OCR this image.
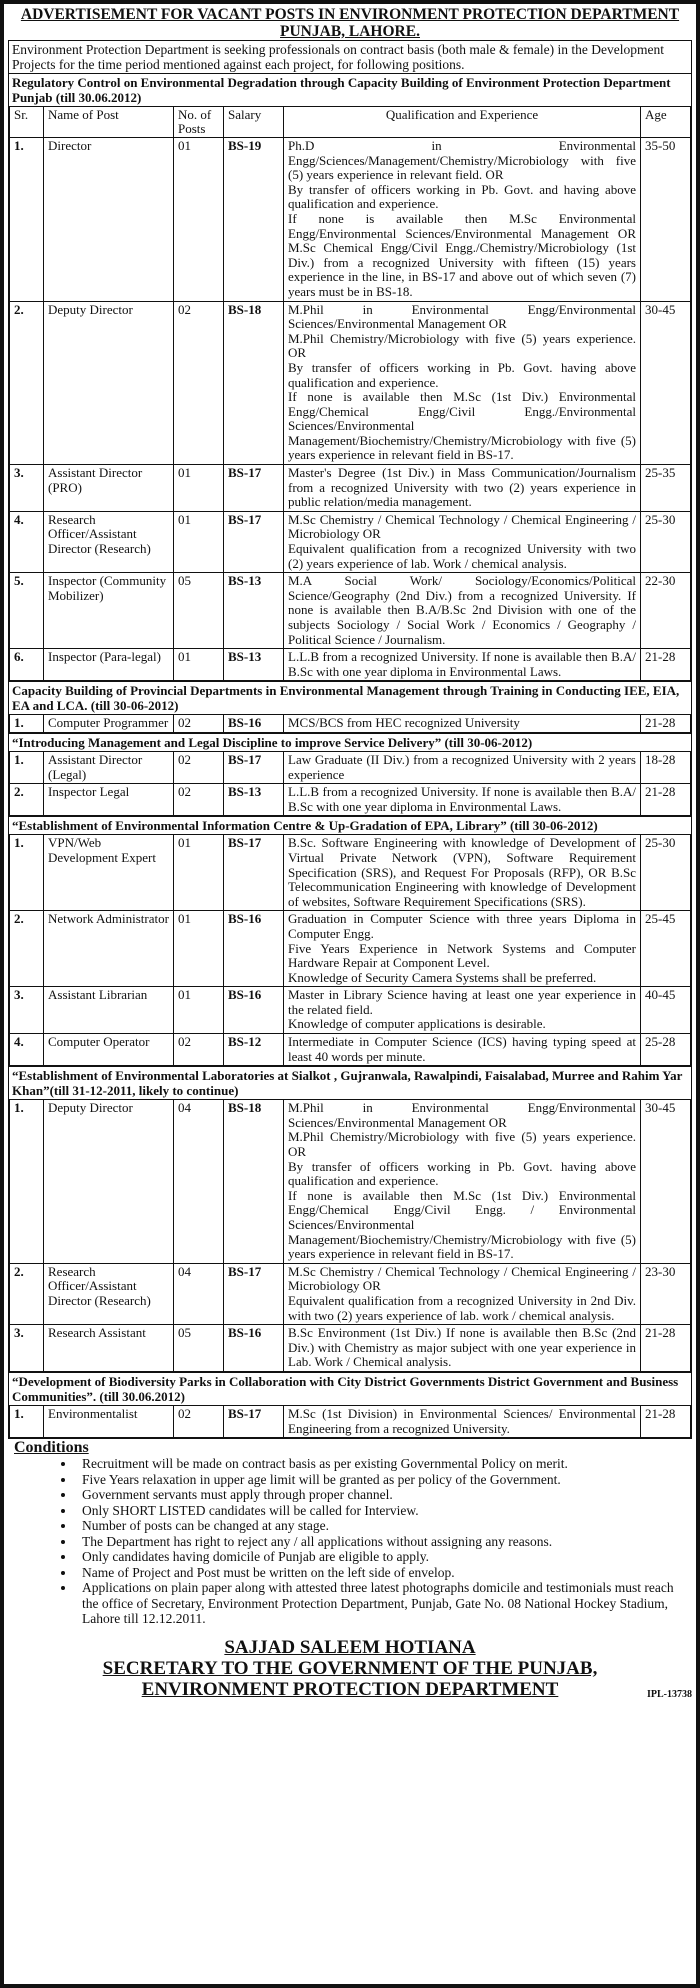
ADVERTISEMENT FOR VACANT POSTS IN ENVIRONMENT PROTECTION DEPARTMENT
PUNJAB, LAHORE.
Environment Protection Department is seeking professionals on contract basis (both male & female) in the Development Projects for the time period mentioned against each project, for following positions.
Regulatory Control on Environmental Degradation through Capacity Building of Environment Protection Department Punjab (till 30.06.2012)
Sr.	Name of Post	No. of Posts	Salary	Qualification and Experience	Age
1.	Director	01	BS-19	Ph.D in Environmental Engg/Sciences/Management/Chemistry/Microbiology with five (5) years experience in relevant field. OR

By transfer of officers working in Pb. Govt. and having above qualification and experience.

If none is available then M.Sc Environmental Engg/Environmental Sciences/Environmental Management OR M.Sc Chemical Engg/Civil Engg./Chemistry/Microbiology (1st Div.) from a recognized University with fifteen (15) years experience in the line, in BS-17 and above out of which seven (7) years must be in BS-18.	35-50
2.	Deputy Director	02	BS-18	M.Phil in Environmental Engg/Environmental Sciences/Environmental Management OR

M.Phil Chemistry/Microbiology with five (5) years experience. OR

By transfer of officers working in Pb. Govt. having above qualification and experience.

If none is available then M.Sc (1st Div.) Environmental Engg/Chemical Engg/Civil Engg./Environmental Sciences/Environmental Management/Biochemistry/Chemistry/Microbiology with five (5) years experience in relevant field in BS-17.	30-45
3.	Assistant Director (PRO)	01	BS-17	Master's Degree (1st Div.) in Mass Communication/Journalism from a recognized University with two (2) years experience in public relation/media management.	25-35
4.	Research Officer/Assistant Director (Research)	01	BS-17	M.Sc Chemistry / Chemical Technology / Chemical Engineering / Microbiology OR

Equivalent qualification from a recognized University with two (2) years experience of lab. Work / chemical analysis.	25-30
5.	Inspector (Community Mobilizer)	05	BS-13	M.A Social Work/ Sociology/Economics/Political Science/Geography (2nd Div.) from a recognized University. If none is available then B.A/B.Sc 2nd Division with one of the subjects Sociology / Social Work / Economics / Geography / Political Science / Journalism.	22-30
6.	Inspector (Para-legal)	01	BS-13	L.L.B from a recognized University. If none is available then B.A/ B.Sc with one year diploma in Environmental Laws.	21-28
Capacity Building of Provincial Departments in Environmental Management through Training in Conducting IEE, EIA, EA and LCA. (till 30-06-2012)
1.	Computer Programmer	02	BS-16	MCS/BCS from HEC recognized University	21-28
“Introducing Management and Legal Discipline to improve Service Delivery” (till 30-06-2012)
1.	Assistant Director (Legal)	02	BS-17	Law Graduate (II Div.) from a recognized University with 2 years experience	18-28
2.	Inspector Legal	02	BS-13	L.L.B from a recognized University. If none is available then B.A/ B.Sc with one year diploma in Environmental Laws.	21-28
“Establishment of Environmental Information Centre & Up-Gradation of EPA, Library” (till 30-06-2012)
1.	VPN/Web Development Expert	01	BS-17	B.Sc. Software Engineering with knowledge of Development of Virtual Private Network (VPN), Software Requirement Specification (SRS), and Request For Proposals (RFP), OR B.Sc Telecommunication Engineering with knowledge of Development of websites, Software Requirement Specifications (SRS).	25-30
2.	Network Administrator	01	BS-16	Graduation in Computer Science with three years Diploma in Computer Engg.

Five Years Experience in Network Systems and Computer Hardware Repair at Component Level.

Knowledge of Security Camera Systems shall be preferred.	25-45
3.	Assistant Librarian	01	BS-16	Master in Library Science having at least one year experience in the related field.

Knowledge of computer applications is desirable.	40-45
4.	Computer Operator	02	BS-12	Intermediate in Computer Science (ICS) having typing speed at least 40 words per minute.	25-28
“Establishment of Environmental Laboratories at Sialkot , Gujranwala, Rawalpindi, Faisalabad, Murree and Rahim Yar Khan”(till 31-12-2011, likely to continue)
1.	Deputy Director	04	BS-18	M.Phil in Environmental Engg/Environmental Sciences/Environmental Management OR

M.Phil Chemistry/Microbiology with five (5) years experience. OR

By transfer of officers working in Pb. Govt. having above qualification and experience.

If none is available then M.Sc (1st Div.) Environmental Engg/Chemical Engg/Civil Engg. / Environmental Sciences/Environmental Management/Biochemistry/Chemistry/Microbiology with five (5) years experience in relevant field in BS-17.	30-45
2.	Research Officer/Assistant Director (Research)	04	BS-17	M.Sc Chemistry / Chemical Technology / Chemical Engineering / Microbiology OR

Equivalent qualification from a recognized University in 2nd Div. with two (2) years experience of lab. work / chemical analysis.	23-30
3.	Research Assistant	05	BS-16	B.Sc Environment (1st Div.) If none is available then B.Sc (2nd Div.) with Chemistry as major subject with one year experience in Lab. Work / Chemical analysis.	21-28
“Development of Biodiversity Parks in Collaboration with City District Governments District Government and Business Communities”. (till 30.06.2012)
1.	Environmentalist	02	BS-17	M.Sc (1st Division) in Environmental Sciences/ Environmental Engineering from a recognized University.

	21-28
Conditions
• Recruitment will be made on contract basis as per existing Governmental Policy on merit.
• Five Years relaxation in upper age limit will be granted as per policy of the Government.
• Government servants must apply through proper channel.
• Only SHORT LISTED candidates will be called for Interview.
• Number of posts can be changed at any stage.
• The Department has right to reject any / all applications without assigning any reasons.
• Only candidates having domicile of Punjab are eligible to apply.
• Name of Project and Post must be written on the left side of envelop.
• Applications on plain paper along with attested three latest photographs domicile and testimonials must reach the office of Secretary, Environment Protection Department, Punjab, Gate No. 08 National Hockey Stadium, Lahore till 12.12.2011.
SAJJAD SALEEM HOTIANA
SECRETARY TO THE GOVERNMENT OF THE PUNJAB,
ENVIRONMENT PROTECTION DEPARTMENT	IPL-13738
